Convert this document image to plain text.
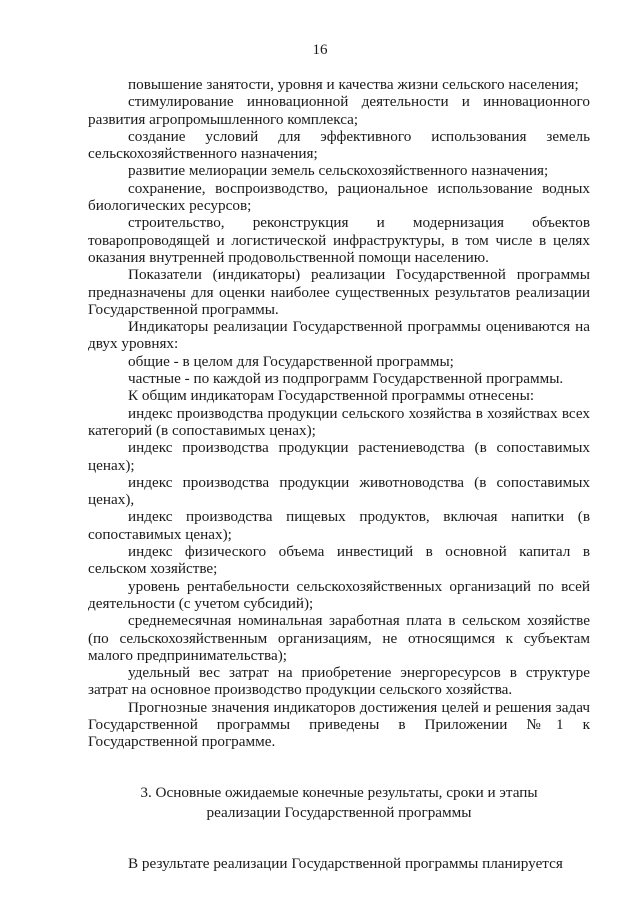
16

повышение занятости, уровня и качества жизни сельского населения;

стимулирование инновационной деятельности и инновационного развития агропромышленного комплекса;

создание условий для эффективного использования земель сельскохозяйственного назначения;

развитие мелиорации земель сельскохозяйственного назначения;

сохранение, воспроизводство, рациональное использование водных биологических ресурсов;

строительство, реконструкция и модернизация объектов товаропроводящей и логистической инфраструктуры, в том числе в целях оказания внутренней продовольственной помощи населению.

Показатели (индикаторы) реализации Государственной программы предназначены для оценки наиболее существенных результатов реализации Государственной программы.

Индикаторы реализации Государственной программы оцениваются на двух уровнях:

общие - в целом для Государственной программы;

частные - по каждой из подпрограмм Государственной программы.

К общим индикаторам Государственной программы отнесены:

индекс производства продукции сельского хозяйства в хозяйствах всех категорий (в сопоставимых ценах);

индекс производства продукции растениеводства (в сопоставимых ценах);

индекс производства продукции животноводства (в сопоставимых ценах),

индекс производства пищевых продуктов, включая напитки (в сопоставимых ценах);

индекс физического объема инвестиций в основной капитал в сельском хозяйстве;

уровень рентабельности сельскохозяйственных организаций по всей деятельности (с учетом субсидий);

среднемесячная номинальная заработная плата в сельском хозяйстве (по сельскохозяйственным организациям, не относящимся к субъектам малого предпринимательства);

удельный вес затрат на приобретение энергоресурсов в структуре затрат на основное производство продукции сельского хозяйства.

Прогнозные значения индикаторов достижения целей и решения задач Государственной программы приведены в Приложении №1 к Государственной программе.

3. Основные ожидаемые конечные результаты, сроки и этапы
реализации Государственной программы

В результате реализации Государственной программы планируется
